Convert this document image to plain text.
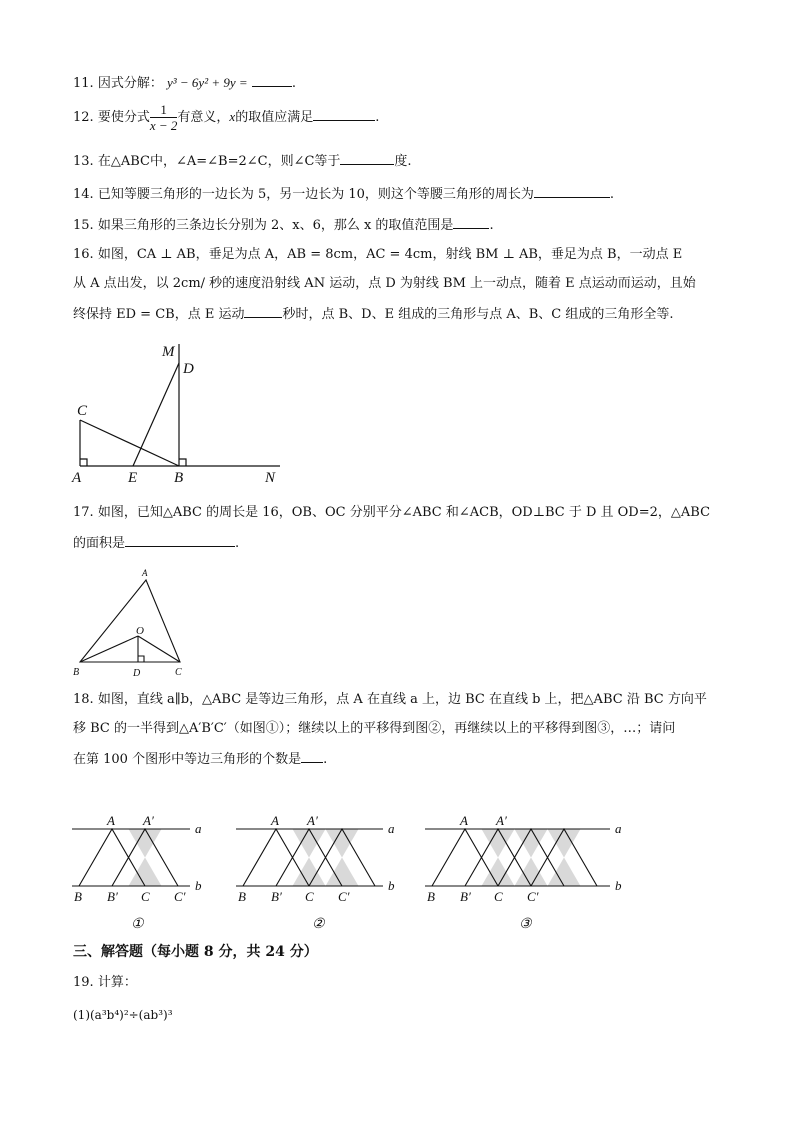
11. 因式分解： y³ − 6y² + 9y =	.
12. 要使分式 $\frac{1}{x - 2}$ 有意义，x的取值应满足	.
13. 在△ABC中，∠A=∠B=2∠C，则∠C等于	度.
14. 已知等腰三角形的一边长为 5，另一边长为 10，则这个等腰三角形的周长为	.
15. 如果三角形的三条边长分别为 2、x、6，那么 x 的取值范围是	.
16. 如图，CA ⊥ AB，垂足为点 A，AB = 8cm，AC = 4cm，射线 BM ⊥ AB，垂足为点 B，一动点 E
从 A 点出发，以 2cm/ 秒的速度沿射线 AN 运动，点 D 为射线 BM 上一动点，随着 E 点运动而运动，且始
终保持 ED = CB，点 E 运动	秒时，点 B、D、E 组成的三角形与点 A、B、C 组成的三角形全等.
M
D
C
A	E B	N
17. 如图，已知△ABC 的周长是 16，OB、OC 分别平分∠ABC 和∠ACB，OD⊥BC 于 D 且 OD=2，△ABC
的面积是	.
A
O
B	D	C
18. 如图，直线 a∥b，△ABC 是等边三角形，点 A 在直线 a 上，边 BC 在直线 b 上，把△ABC 沿 BC 方向平
移 BC 的一半得到△A′B′C′（如图①）；继续以上的平移得到图②，再继续以上的平移得到图③，…；请问
在第 100 个图形中等边三角形的个数是 .
A A′
a
b
B B′ C C′
①
A A′
a
b
B B′ C C′
②
A A′
a
b
B B′ C C′
③
三、解答题（每小题 8 分，共 24 分）
19. 计算：
(1)(a³b⁴)²÷(ab³)³
